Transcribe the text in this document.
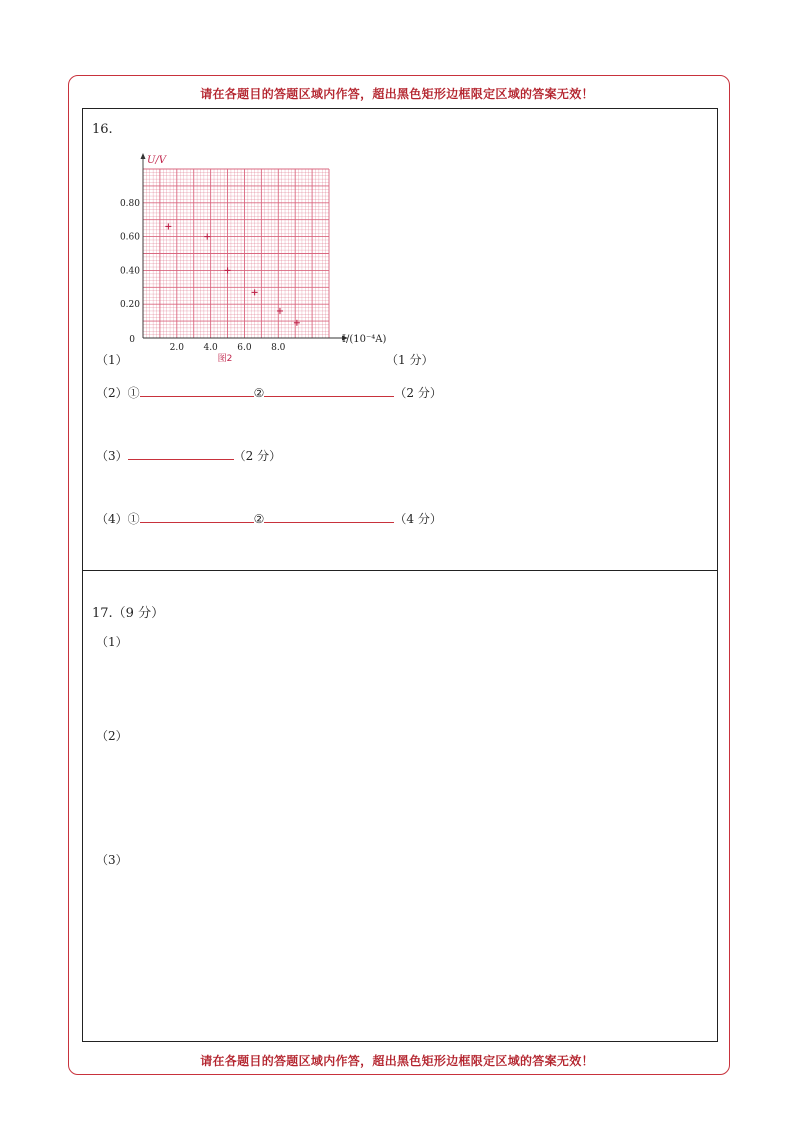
请在各题目的答题区域内作答，超出黑色矩形边框限定区域的答案无效！
16.
U/V
I/(10⁻⁴A)
0
2.0 4.0 6.0 8.0
0.20
0.40
0.60
0.80
图2
（1）	（1 分）
（2）①	②	（2 分）
（3）	（2 分）
（4）①	②	（4 分）
17.（9 分）
（1）
（2）
（3）
请在各题目的答题区域内作答，超出黑色矩形边框限定区域的答案无效！
